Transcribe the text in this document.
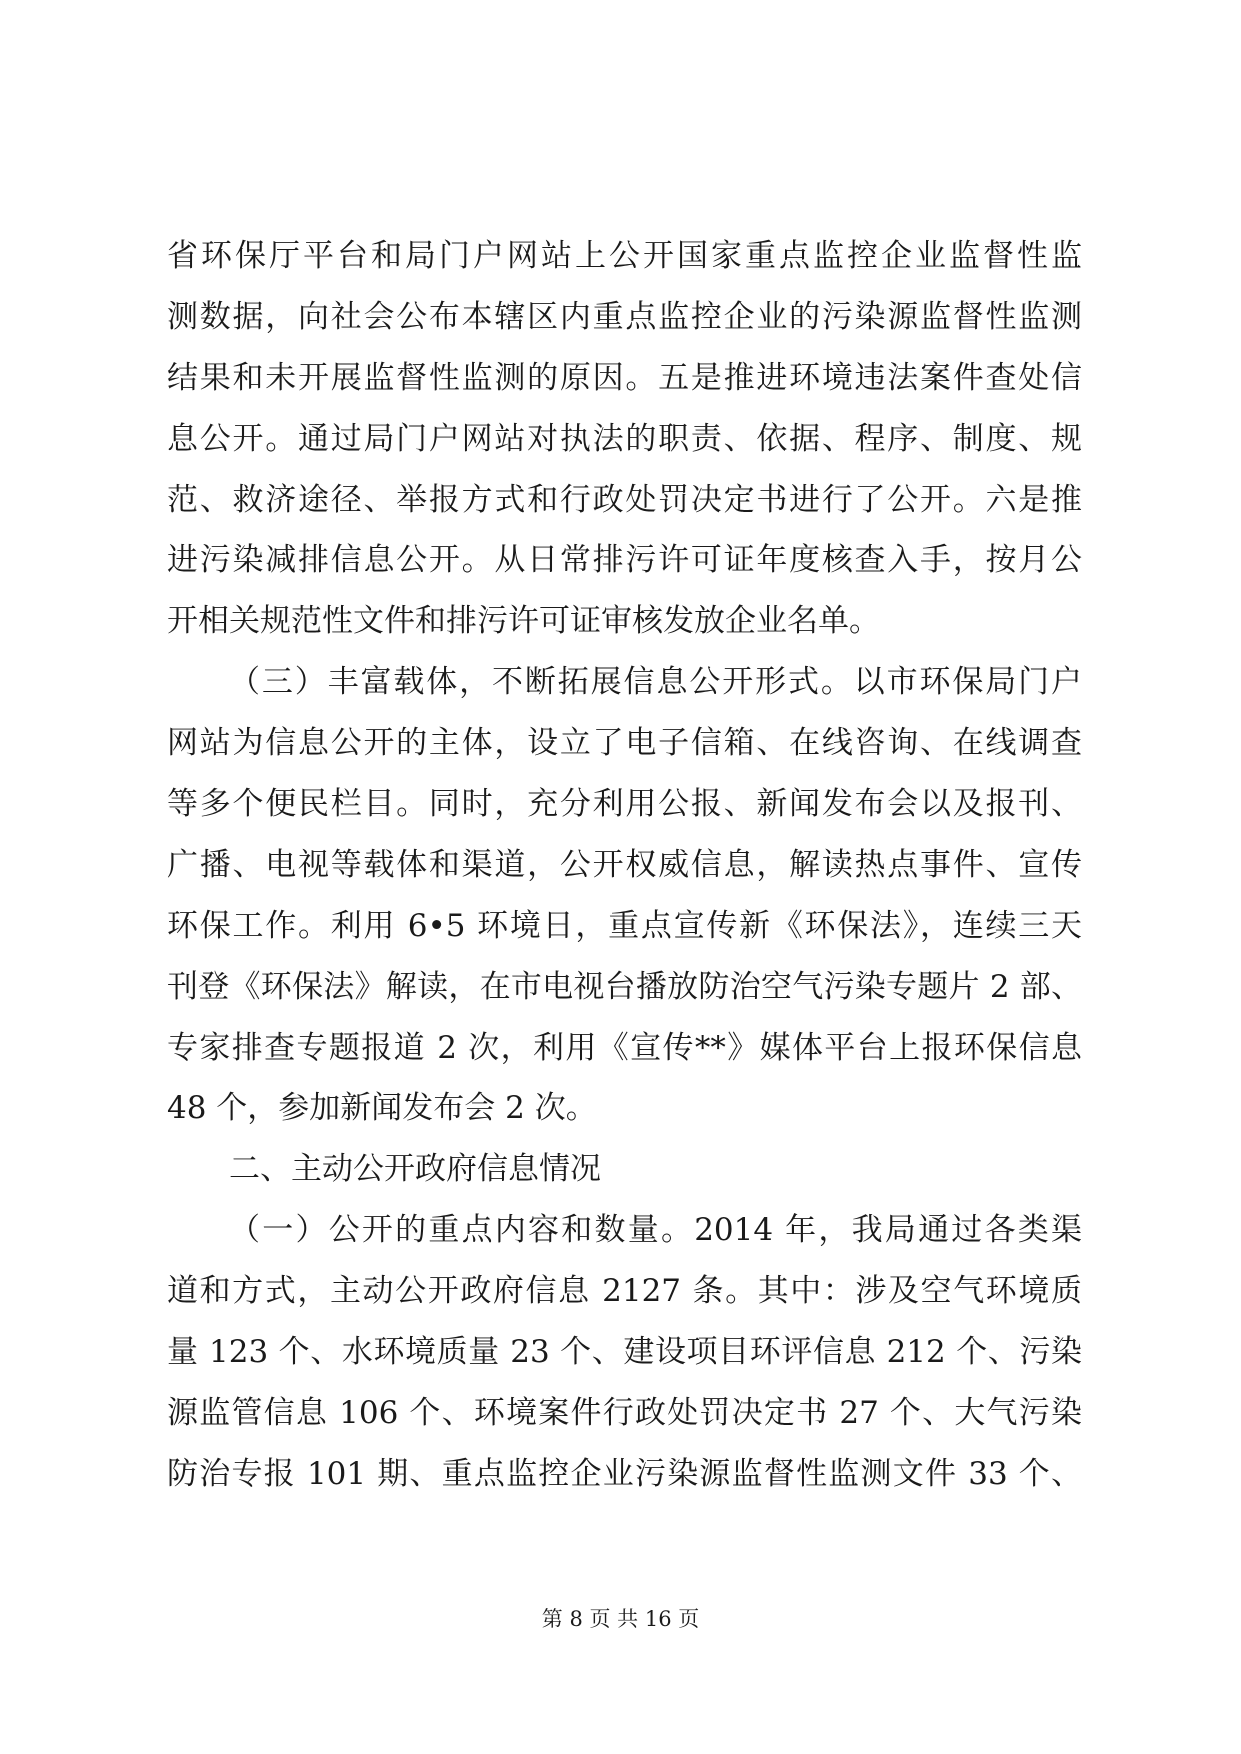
省环保厅平台和局门户网站上公开国家重点监控企业监督性监
测数据，向社会公布本辖区内重点监控企业的污染源监督性监测
结果和未开展监督性监测的原因。五是推进环境违法案件查处信
息公开。通过局门户网站对执法的职责、依据、程序、制度、规
范、救济途径、举报方式和行政处罚决定书进行了公开。六是推
进污染减排信息公开。从日常排污许可证年度核查入手，按月公
开相关规范性文件和排污许可证审核发放企业名单。
（三）丰富载体，不断拓展信息公开形式。以市环保局门户
网站为信息公开的主体，设立了电子信箱、在线咨询、在线调查
等多个便民栏目。同时，充分利用公报、新闻发布会以及报刊、
广播、电视等载体和渠道，公开权威信息，解读热点事件、宣传
环保工作。利用 6•5 环境日，重点宣传新《环保法》，连续三天
刊登《环保法》解读，在市电视台播放防治空气污染专题片 2 部、
专家排查专题报道 2 次，利用《宣传**》媒体平台上报环保信息
48 个，参加新闻发布会 2 次。
二、主动公开政府信息情况
（一）公开的重点内容和数量。2014 年，我局通过各类渠
道和方式，主动公开政府信息 2127 条。其中：涉及空气环境质
量 123 个、水环境质量 23 个、建设项目环评信息 212 个、污染
源监管信息 106 个、环境案件行政处罚决定书 27 个、大气污染
防治专报 101 期、重点监控企业污染源监督性监测文件 33 个、
第 8 页 共 16 页
